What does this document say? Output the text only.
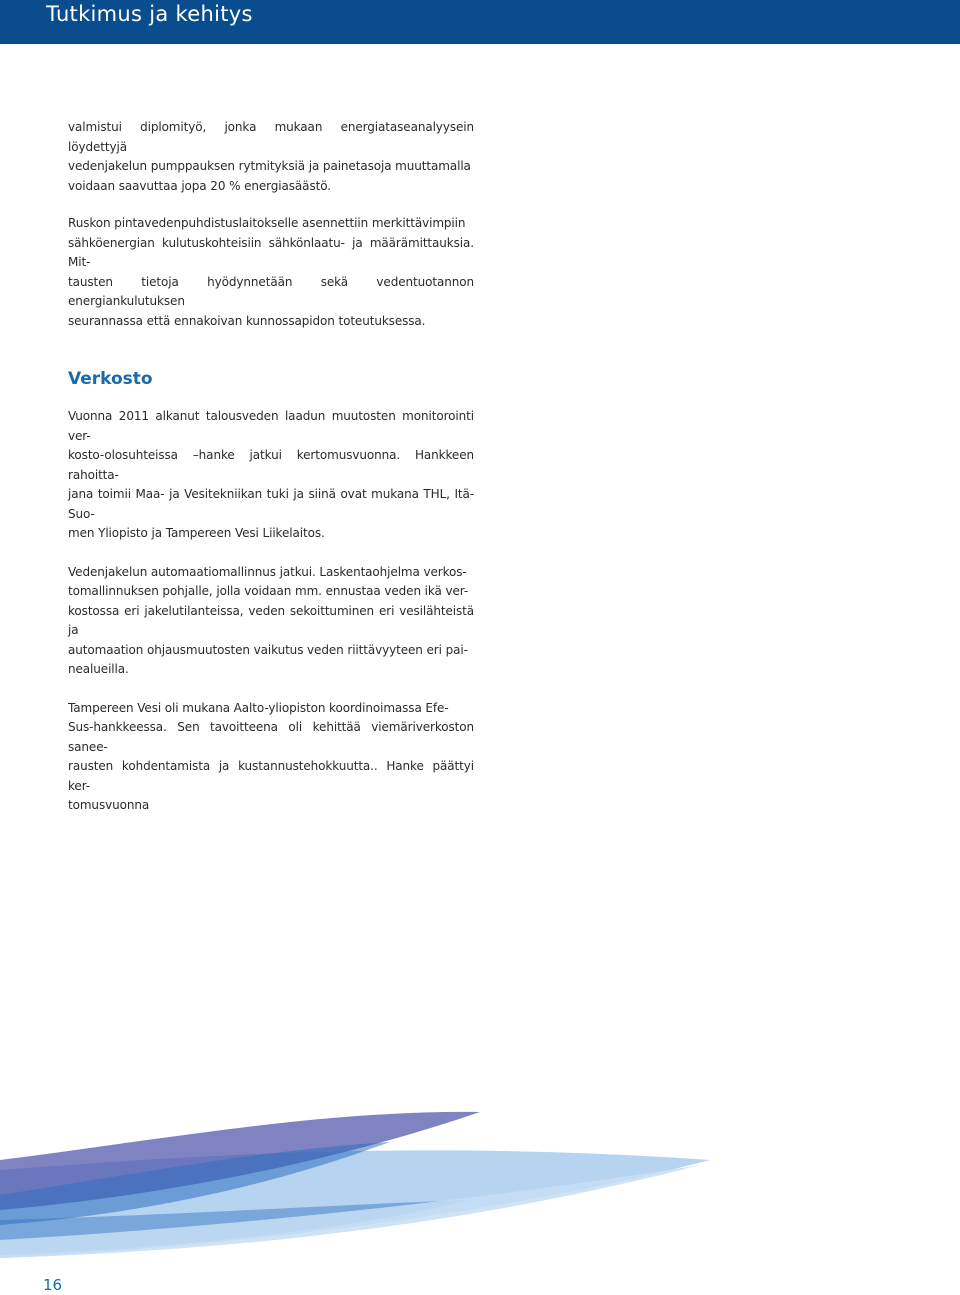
Tutkimus ja kehitys

valmistui diplomityö, jonka mukaan energiataseanalyysein löydettyjä
vedenjakelun pumppauksen rytmityksiä ja painetasoja muuttamalla
voidaan saavuttaa jopa 20 % energiasäästö.

Ruskon pintavedenpuhdistuslaitokselle asennettiin merkittävimpiin
sähköenergian kulutuskohteisiin sähkönlaatu- ja määrämittauksia. Mit-
tausten tietoja hyödynnetään sekä vedentuotannon energiankulutuksen
seurannassa että ennakoivan kunnossapidon toteutuksessa.

Verkosto

Vuonna 2011 alkanut talousveden laadun muutosten monitorointi ver-
kosto-olosuhteissa –hanke jatkui kertomusvuonna. Hankkeen rahoitta-
jana toimii Maa- ja Vesitekniikan tuki ja siinä ovat mukana THL, Itä-Suo-
men Yliopisto ja Tampereen Vesi Liikelaitos.

Vedenjakelun automaatiomallinnus jatkui. Laskentaohjelma verkos-
tomallinnuksen pohjalle, jolla voidaan mm. ennustaa veden ikä ver-
kostossa eri jakelutilanteissa, veden sekoittuminen eri vesilähteistä ja
automaation ohjausmuutosten vaikutus veden riittävyyteen eri pai-
nealueilla.

Tampereen Vesi oli mukana Aalto-yliopiston koordinoimassa Efe-
Sus-hankkeessa. Sen tavoitteena oli kehittää viemäriverkoston saneе-
rausten kohdentamista ja kustannustehokkuutta.. Hanke päättyi ker-
tomusvuonna

16
